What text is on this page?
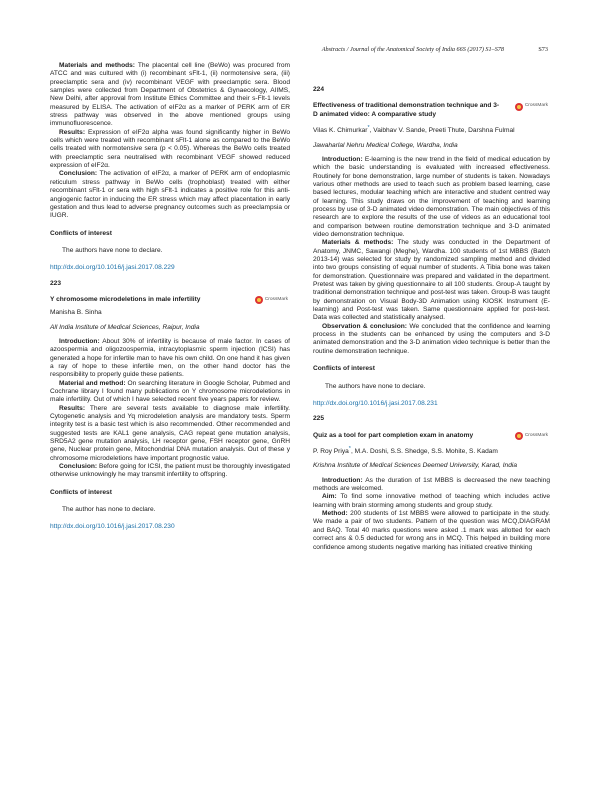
Abstracts / Journal of the Anatomical Society of India 66S (2017) S1–S78	S73

Materials and methods: The placental cell line (BeWo) was procured from ATCC and was cultured with (i) recombinant sFlt-1, (ii) normotensive sera, (iii) preeclamptic sera and (iv) recombinant VEGF with preeclamptic sera. Blood samples were collected from Department of Obstetrics & Gynaecology, AIIMS, New Delhi, after approval from Institute Ethics Committee and their s-Flt-1 levels measured by ELISA. The activation of eIF2α as a marker of PERK arm of ER stress pathway was observed in the above mentioned groups using immunofluorescence.

Results: Expression of eIF2α alpha was found significantly higher in BeWo cells which were treated with recombinant sFlt-1 alone as compared to the BeWo cells treated with normotensive sera (p < 0.05). Whereas the BeWo cells treated with preeclamptic sera neutralised with recombinant VEGF showed reduced expression of eIF2α.

Conclusion: The activation of eIF2α, a marker of PERK arm of endoplasmic reticulum stress pathway in BeWo cells (trophoblast) treated with either recombinant sFlt-1 or sera with high sFlt-1 indicates a positive role for this anti-angiogenic factor in inducing the ER stress which may affect placentation in early gestation and thus lead to adverse pregnancy outcomes such as preeclampsia or IUGR.

Conflicts of interest
The authors have none to declare.
http://dx.doi.org/10.1016/j.jasi.2017.08.229
223
Y chromosome microdeletions in male infertility	CrossMark
Manisha B. Sinha
All India Institute of Medical Sciences, Raipur, India

Introduction: About 30% of infertility is because of male factor. In cases of azoospermia and oligozoospermia, intracytoplasmic sperm injection (ICSI) has generated a hope for infertile man to have his own child. On one hand it has given a ray of hope to these infertile men, on the other hand doctor has the responsibility to properly guide these patients.

Material and method: On searching literature in Google Scholar, Pubmed and Cochrane library I found many publications on Y chromosome microdeletions in male infertility. Out of which I have selected recent five years papers for review.

Results: There are several tests available to diagnose male infertility. Cytogenetic analysis and Yq microdeletion analysis are mandatory tests. Sperm integrity test is a basic test which is also recommended. Other recommended and suggested tests are KAL1 gene analysis, CAG repeat gene mutation analysis, SRD5A2 gene mutation analysis, LH receptor gene, FSH receptor gene, GnRH gene, Nuclear protein gene, Mitochondrial DNA mutation analysis. Out of these y chromosome microdeletions have important prognostic value.

Conclusion: Before going for ICSI, the patient must be thoroughly investigated otherwise unknowingly he may transmit infertility to offspring.

Conflicts of interest
The author has none to declare.
http://dx.doi.org/10.1016/j.jasi.2017.08.230
224
Effectiveness of traditional demonstration technique and 3-D animated video: A comparative study
CrossMark
Vilas K. Chimurkar*, Vaibhav V. Sande, Preeti Thute, Darshna Fulmal
Jawaharlal Nehru Medical College, Wardha, India

Introduction: E-learning is the new trend in the field of medical education by which the basic understanding is evaluated with increased effectiveness. Routinely for bone demonstration, large number of students is taken. Nowadays various other methods are used to teach such as problem based learning, case based lectures, modular teaching which are interactive and student centred way of learning. This study draws on the improvement of teaching and learning process by use of 3-D animated video demonstration. The main objectives of this research are to explore the results of the use of videos as an educational tool and comparison between routine demonstration technique and 3-D animated video demonstration technique.

Materials & methods: The study was conducted in the Department of Anatomy, JNMC, Sawangi (Meghe), Wardha. 100 students of 1st MBBS (Batch 2013-14) was selected for study by randomized sampling method and divided into two groups consisting of equal number of students. A Tibia bone was taken for demonstration. Questionnaire was prepared and validated in the department. Pretest was taken by giving questionnaire to all 100 students. Group-A taught by traditional demonstration technique and post-test was taken. Group-B was taught by demonstration on Visual Body-3D Animation using KIOSK Instrument (E-learning) and Post-test was taken. Same questionnaire applied for post-test. Data was collected and statistically analysed.

Observation & conclusion: We concluded that the confidence and learning process in the students can be enhanced by using the computers and 3-D animated demonstration and the 3-D animation video technique is better than the routine demonstration technique.

Conflicts of interest
The authors have none to declare.
http://dx.doi.org/10.1016/j.jasi.2017.08.231
225
Quiz as a tool for part completion exam in anatomy	CrossMark
P. Roy Priya*, M.A. Doshi, S.S. Shedge, S.S. Mohite, S. Kadam
Krishna Institute of Medical Sciences Deemed University, Karad, India

Introduction: As the duration of 1st MBBS is decreased the new teaching methods are welcomed.

Aim: To find some innovative method of teaching which includes active learning with brain storming among students and group study.

Method: 200 students of 1st MBBS were allowed to participate in the study. We made a pair of two students. Pattern of the question was MCQ,DIAGRAM and BAQ. Total 40 marks questions were asked .1 mark was allotted for each correct ans & 0.5 deducted for wrong ans in MCQ. This helped in building more confidence among students negative marking has initiated creative thinking
